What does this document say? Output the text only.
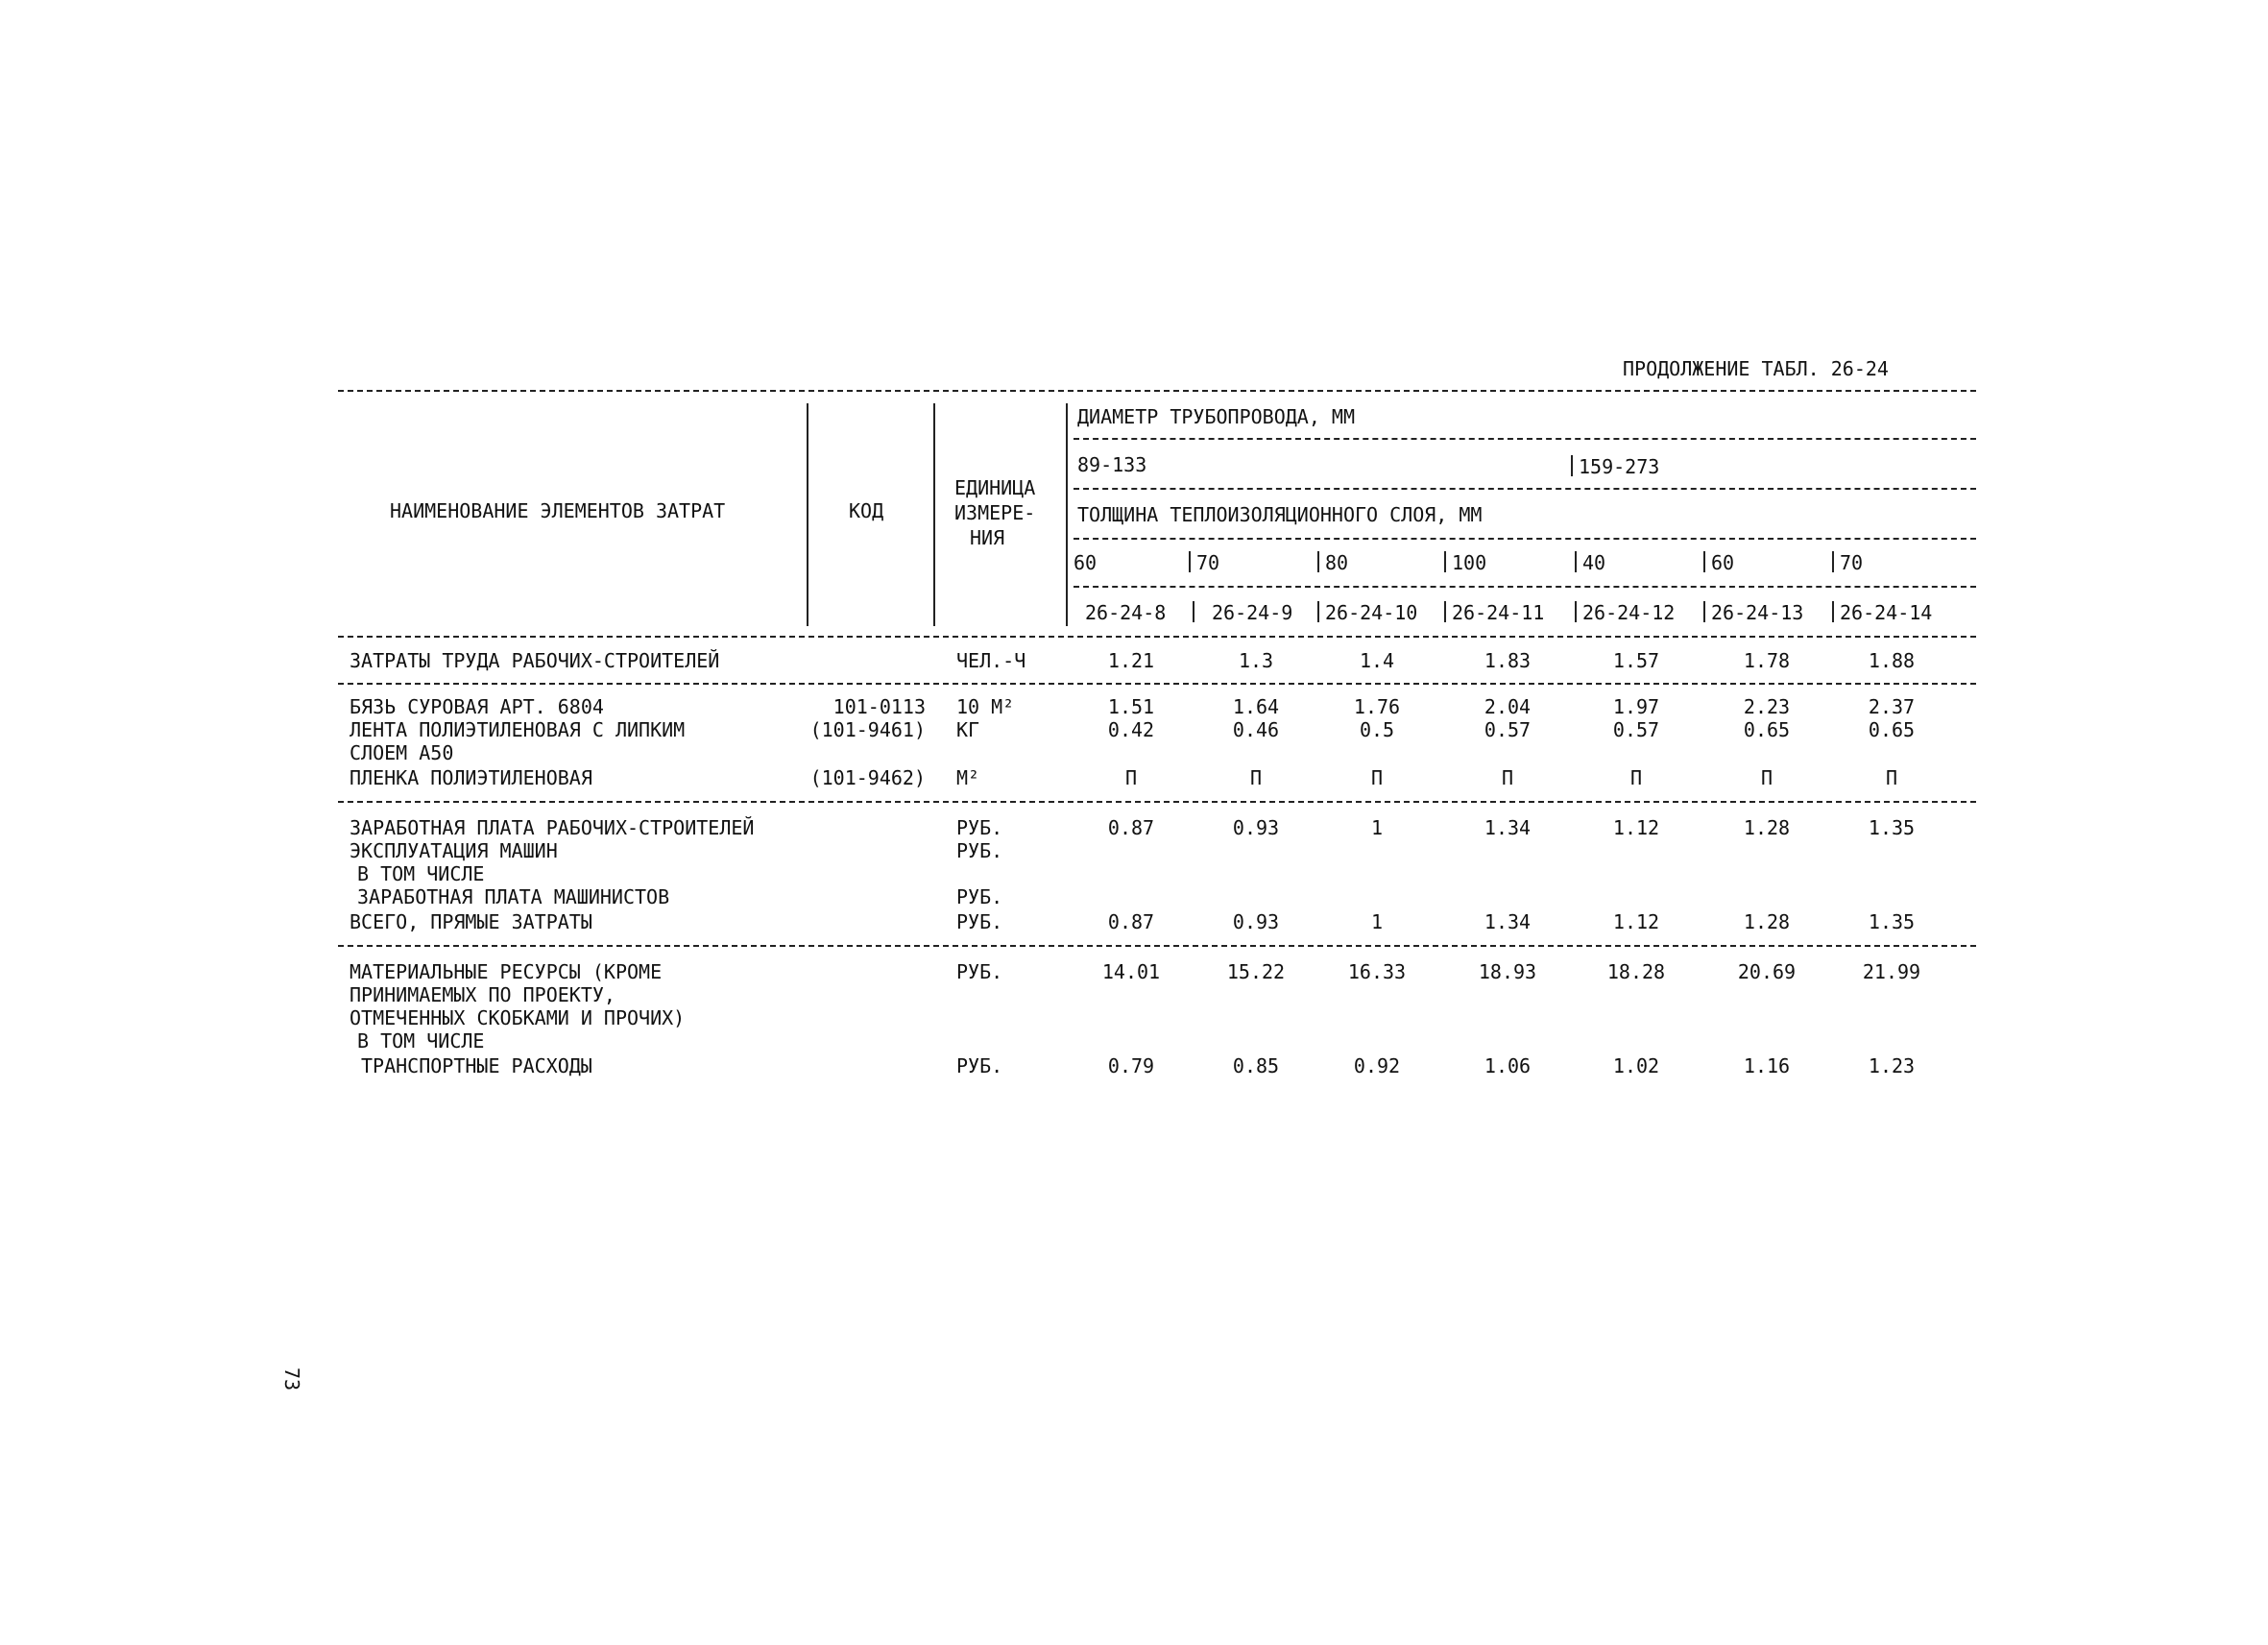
ПРОДОЛЖЕНИЕ ТАБЛ. 26-24
НАИМЕНОВАНИЕ ЭЛЕМЕНТОВ ЗАТРАТ	КОД
ЕДИНИЦА
ИЗМЕРЕ-
НИЯ
ДИАМЕТР ТРУБОПРОВОДА, ММ
89-133	159-273
ТОЛЩИНА ТЕПЛОИЗОЛЯЦИОННОГО СЛОЯ, ММ
60	70	80	100	40	60	70
26-24-8 26-24-9 26-24-10 26-24-11 26-24-12 26-24-13 26-24-14
ЗАТРАТЫ ТРУДА РАБОЧИХ-СТРОИТЕЛЕЙ	ЧЕЛ.-Ч	1.21	1.3	1.4	1.83	1.57	1.78	1.88
БЯЗЬ СУРОВАЯ АРТ. 6804	101-0113 10 М²	1.51	1.64	1.76	2.04	1.97	2.23	2.37
ЛЕНТА ПОЛИЭТИЛЕНОВАЯ С ЛИПКИМ	(101-9461) КГ	0.42	0.46	0.5	0.57	0.57	0.65	0.65
СЛОЕМ А50
ПЛЕНКА ПОЛИЭТИЛЕНОВАЯ	(101-9462) М²	П	П	П	П	П	П	П
ЗАРАБОТНАЯ ПЛАТА РАБОЧИХ-СТРОИТЕЛЕЙ	РУБ.	0.87	0.93	1	1.34	1.12	1.28	1.35
ЭКСПЛУАТАЦИЯ МАШИН	РУБ.
В ТОМ ЧИСЛЕ
ЗАРАБОТНАЯ ПЛАТА МАШИНИСТОВ	РУБ.
ВСЕГО, ПРЯМЫЕ ЗАТРАТЫ	РУБ.	0.87	0.93	1	1.34	1.12	1.28	1.35
МАТЕРИАЛЬНЫЕ РЕСУРСЫ (КРОМЕ	РУБ.	14.01	15.22	16.33	18.93	18.28	20.69	21.99
ПРИНИМАЕМЫХ ПО ПРОЕКТУ,
ОТМЕЧЕННЫХ СКОБКАМИ И ПРОЧИХ)
В ТОМ ЧИСЛЕ
ТРАНСПОРТНЫЕ РАСХОДЫ	РУБ.	0.79	0.85	0.92	1.06	1.02	1.16	1.23
73
